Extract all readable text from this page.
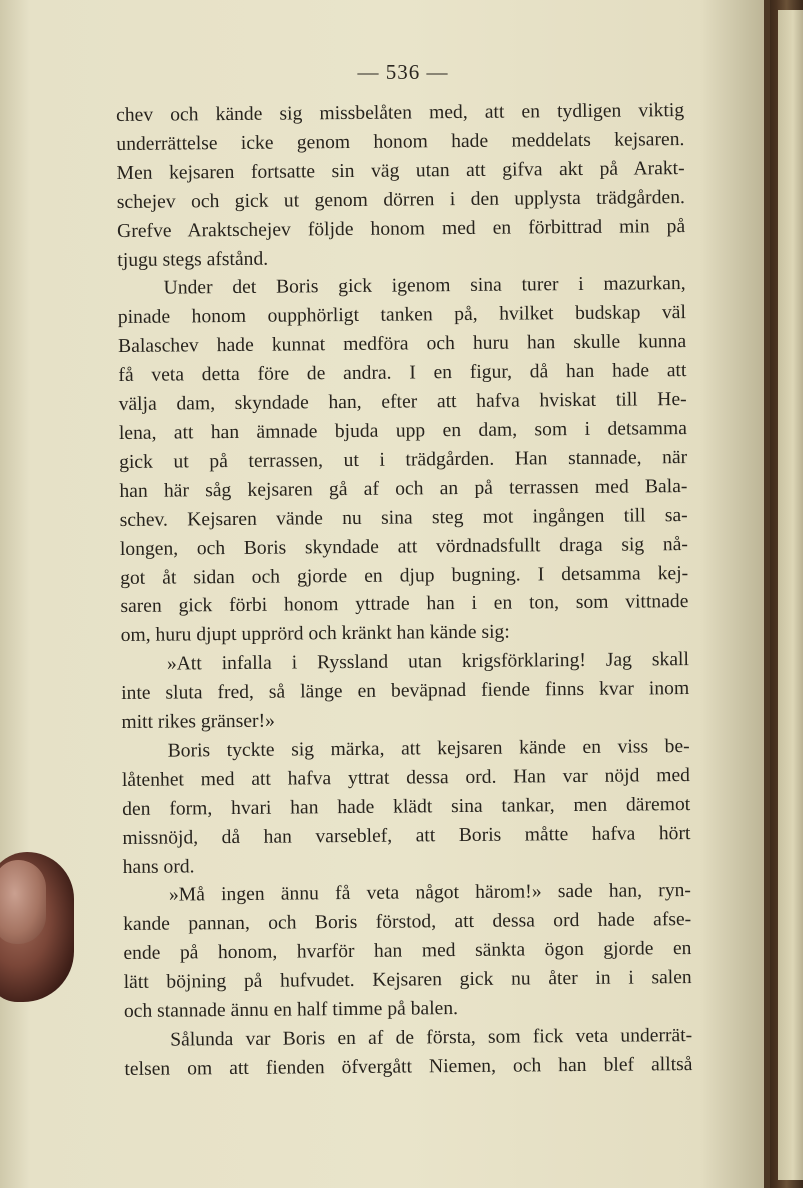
— 536 —
chev och kände sig missbelåten med, att en tydligen viktig
underrättelse icke genom honom hade meddelats kejsaren.
Men kejsaren fortsatte sin väg utan att gifva akt på Arakt-
schejev och gick ut genom dörren i den upplysta trädgården.
Grefve Araktschejev följde honom med en förbittrad min på
tjugu stegs afstånd.
Under det Boris gick igenom sina turer i mazurkan,
pinade honom oupphörligt tanken på, hvilket budskap väl
Balaschev hade kunnat medföra och huru han skulle kunna
få veta detta före de andra. I en figur, då han hade att
välja dam, skyndade han, efter att hafva hviskat till He-
lena, att han ämnade bjuda upp en dam, som i detsamma
gick ut på terrassen, ut i trädgården. Han stannade, när
han här såg kejsaren gå af och an på terrassen med Bala-
schev. Kejsaren vände nu sina steg mot ingången till sa-
longen, och Boris skyndade att vördnadsfullt draga sig nå-
got åt sidan och gjorde en djup bugning. I detsamma kej-
saren gick förbi honom yttrade han i en ton, som vittnade
om, huru djupt upprörd och kränkt han kände sig:
»Att infalla i Ryssland utan krigsförklaring! Jag skall
inte sluta fred, så länge en beväpnad fiende finns kvar inom
mitt rikes gränser!»
Boris tyckte sig märka, att kejsaren kände en viss be-
låtenhet med att hafva yttrat dessa ord. Han var nöjd med
den form, hvari han hade klädt sina tankar, men däremot
missnöjd, då han varseblef, att Boris måtte hafva hört
hans ord.
»Må ingen ännu få veta något härom!» sade han, ryn-
kande pannan, och Boris förstod, att dessa ord hade afse-
ende på honom, hvarför han med sänkta ögon gjorde en
lätt böjning på hufvudet. Kejsaren gick nu åter in i salen
och stannade ännu en half timme på balen.
Sålunda var Boris en af de första, som fick veta underrät-
telsen om att fienden öfvergått Niemen, och han blef alltså
